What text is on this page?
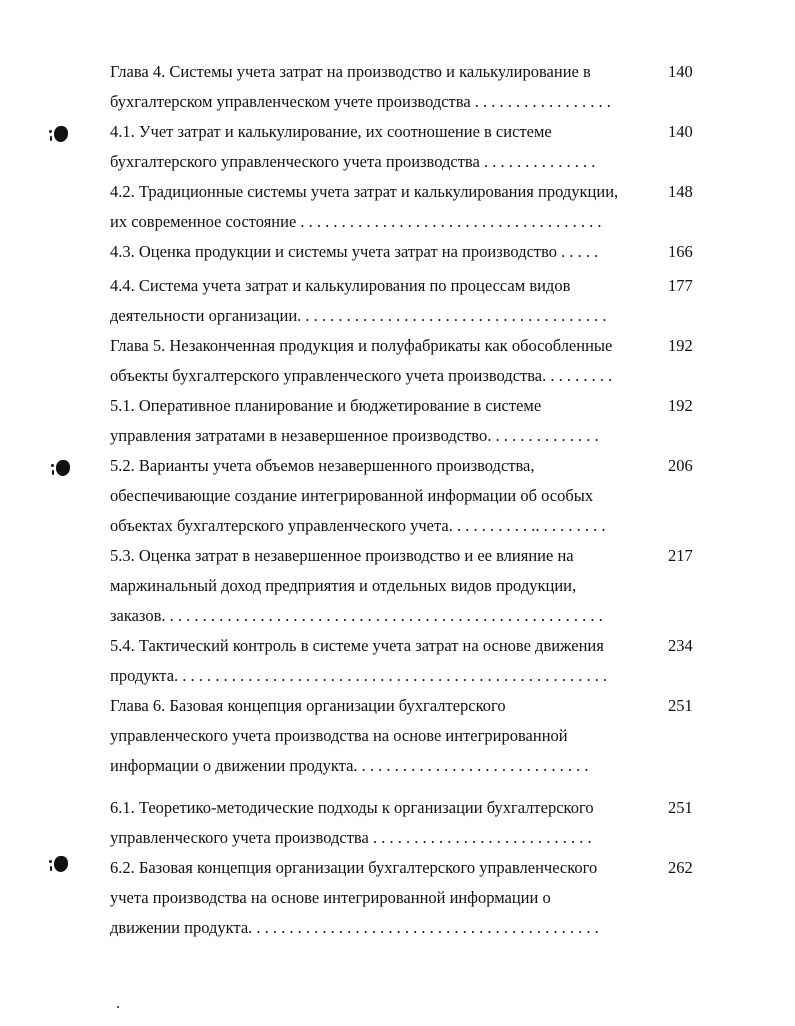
Глава 4. Системы учета затрат на производство и калькулирование в
бухгалтерском управленческом учете производства . . . . . . . . . . . . . . . . .
140
4.1. Учет затрат и калькулирование, их соотношение в системе
бухгалтерского управленческого учета производства . . . . . . . . . . . . . .
140
4.2. Традиционные системы учета затрат и калькулирования продукции,
их современное состояние . . . . . . . . . . . . . . . . . . . . . . . . . . . . . . . . . . . . .
148
4.3. Оценка продукции и системы учета затрат на производство . . . . .	166
4.4. Система учета затрат и калькулирования по процессам видов
деятельности организации. . . . . . . . . . . . . . . . . . . . . . . . . . . . . . . . . . . . . .
177
Глава 5. Незаконченная продукция и полуфабрикаты как обособленные
объекты бухгалтерского управленческого учета производства. . . . . . . . .
192
5.1. Оперативное планирование и бюджетирование в системе
управления затратами в незавершенное производство. . . . . . . . . . . . . .
192
5.2. Варианты учета объемов незавершенного производства,
обеспечивающие создание интегрированной информации об особых
объектах бухгалтерского управленческого учета. . . . . . . . . . .. . . . . . . . .
206
5.3. Оценка затрат в незавершенное производство и ее влияние на
маржинальный доход предприятия и отдельных видов продукции,
заказов. . . . . . . . . . . . . . . . . . . . . . . . . . . . . . . . . . . . . . . . . . . . . . . . . . . . . .
217
5.4. Тактический контроль в системе учета затрат на основе движения
продукта. . . . . . . . . . . . . . . . . . . . . . . . . . . . . . . . . . . . . . . . . . . . . . . . . . . . .
234
Глава 6. Базовая концепция организации бухгалтерского
управленческого учета производства на основе интегрированной
информации о движении продукта. . . . . . . . . . . . . . . . . . . . . . . . . . . . .
251
6.1. Теоретико-методические подходы к организации бухгалтерского
управленческого учета производства . . . . . . . . . . . . . . . . . . . . . . . . . . .
251
6.2. Базовая концепция организации бухгалтерского управленческого
учета производства на основе интегрированной информации о
движении продукта. . . . . . . . . . . . . . . . . . . . . . . . . . . . . . . . . . . . . . . . . . .
262
